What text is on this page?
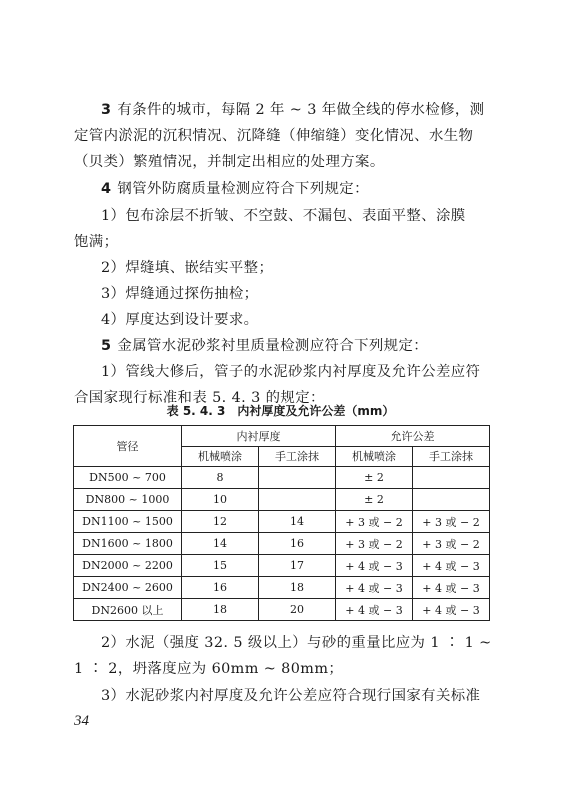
3 有条件的城市，每隔 2 年 ~ 3 年做全线的停水检修，测
定管内淤泥的沉积情况、沉降缝（伸缩缝）变化情况、水生物
（贝类）繁殖情况，并制定出相应的处理方案。
4 钢管外防腐质量检测应符合下列规定：
1）包布涂层不折皱、不空鼓、不漏包、表面平整、涂膜
饱满；
2）焊缝填、嵌结实平整；
3）焊缝通过探伤抽检；
4）厚度达到设计要求。
5 金属管水泥砂浆衬里质量检测应符合下列规定：
1）管线大修后，管子的水泥砂浆内衬厚度及允许公差应符
合国家现行标准和表 5. 4. 3 的规定：
表 5. 4. 3　内衬厚度及允许公差（mm）
管径	内衬厚度		允许公差	
	机械喷涂	手工涂抹	机械喷涂	手工涂抹
DN500 ~ 700	8		± 2	
DN800 ~ 1000	10		± 2	
DN1100 ~ 1500	12	14	+ 3 或 − 2	+ 3 或 − 2
DN1600 ~ 1800	14	16	+ 3 或 − 2	+ 3 或 − 2
DN2000 ~ 2200	15	17	+ 4 或 − 3	+ 4 或 − 3
DN2400 ~ 2600	16	18	+ 4 或 − 3	+ 4 或 − 3
DN2600 以上	18	20	+ 4 或 − 3	+ 4 或 − 3
2）水泥（强度 32. 5 级以上）与砂的重量比应为 1 ∶ 1 ~
1 ∶ 2，坍落度应为 60mm ~ 80mm；
3）水泥砂浆内衬厚度及允许公差应符合现行国家有关标准
34
